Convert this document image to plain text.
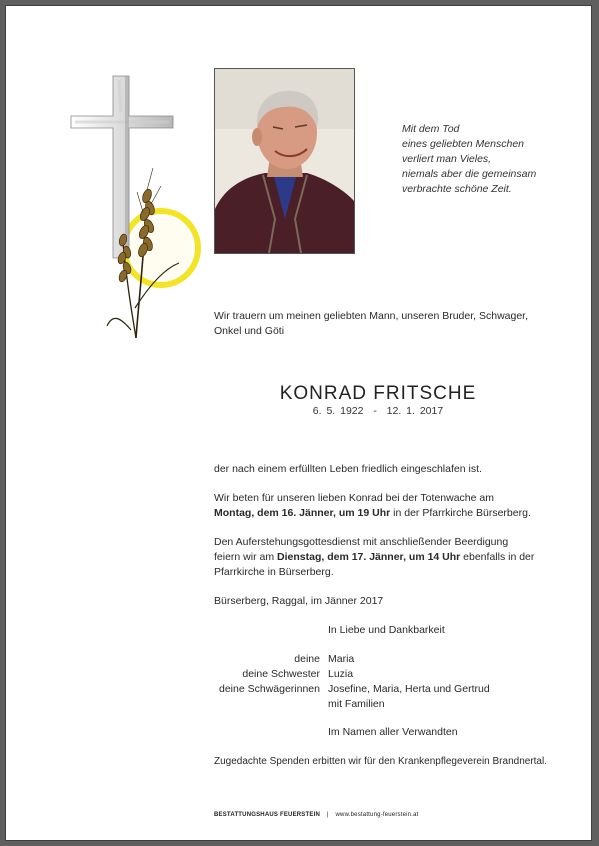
Mit dem Tod
eines geliebten Menschen
verliert man Vieles,
niemals aber die gemeinsam
verbrachte schöne Zeit.
Wir trauern um meinen geliebten Mann, unseren Bruder, Schwager,
Onkel und Göti
KONRAD FRITSCHE
6. 5. 1922  -  12. 1. 2017
der nach einem erfüllten Leben friedlich eingeschlafen ist.
Wir beten für unseren lieben Konrad bei der Totenwache am
Montag, dem 16. Jänner, um 19 Uhr in der Pfarrkirche Bürserberg.
Den Auferstehungsgottesdienst mit anschließender Beerdigung
feiern wir am Dienstag, dem 17. Jänner, um 14 Uhr ebenfalls in der
Pfarrkirche in Bürserberg.
Bürserberg, Raggal, im Jänner 2017
In Liebe und Dankbarkeit
deine Maria
deine Schwester Luzia
deine Schwägerinnen Josefine, Maria, Herta und Gertrud
mit Familien
Im Namen aller Verwandten
Zugedachte Spenden erbitten wir für den Krankenpflegeverein Brandnertal.
BESTATTUNGSHAUS FEUERSTEIN | www.bestattung-feuerstein.at
